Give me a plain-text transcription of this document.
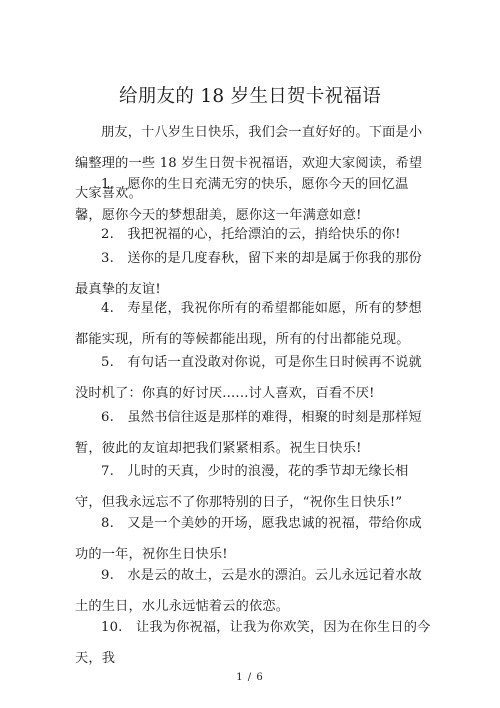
给朋友的 18 岁生日贺卡祝福语

朋友，十八岁生日快乐，我们会一直好好的。下面是小编整理的一些 18 岁生日贺卡祝福语，欢迎大家阅读，希望大家喜欢。

1.　愿你的生日充满无穷的快乐，愿你今天的回忆温馨，愿你今天的梦想甜美，愿你这一年满意如意!

2.　我把祝福的心，托给漂泊的云，捎给快乐的你!

3.　送你的是几度春秋，留下来的却是属于你我的那份最真挚的友谊!

4.　寿星佬，我祝你所有的希望都能如愿，所有的梦想都能实现，所有的等候都能出现，所有的付出都能兑现。

5.　有句话一直没敢对你说，可是你生日时候再不说就没时机了：你真的好讨厌......讨人喜欢，百看不厌!

6.　虽然书信往返是那样的难得，相聚的时刻是那样短暂，彼此的友谊却把我们紧紧相系。祝生日快乐!

7.　儿时的天真，少时的浪漫，花的季节却无缘长相守，但我永远忘不了你那特别的日子，“祝你生日快乐!”

8.　又是一个美妙的开场，愿我忠诚的祝福，带给你成功的一年，祝你生日快乐!

9.　水是云的故土，云是水的漂泊。云儿永远记着水故土的生日，水儿永远惦着云的依恋。

10.　让我为你祝福，让我为你欢笑，因为在你生日的今天，我

1 / 6
